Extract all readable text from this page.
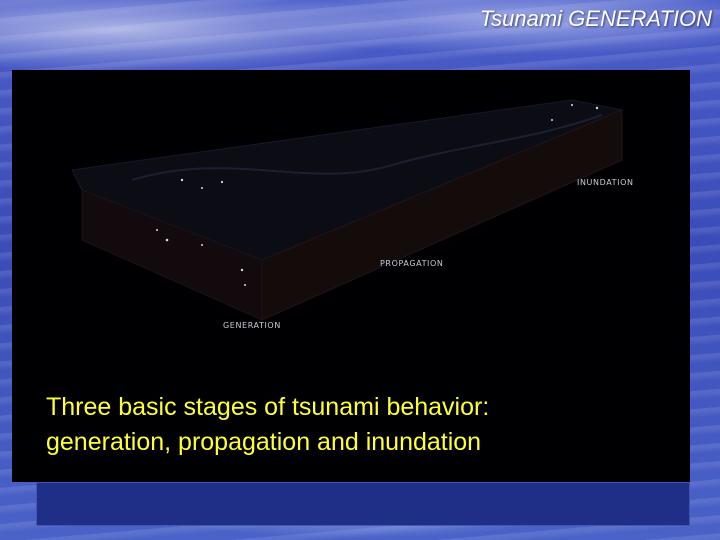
Tsunami GENERATION
INUNDATION
PROPAGATION
GENERATION
Three basic stages of tsunami behavior:
generation, propagation and inundation
